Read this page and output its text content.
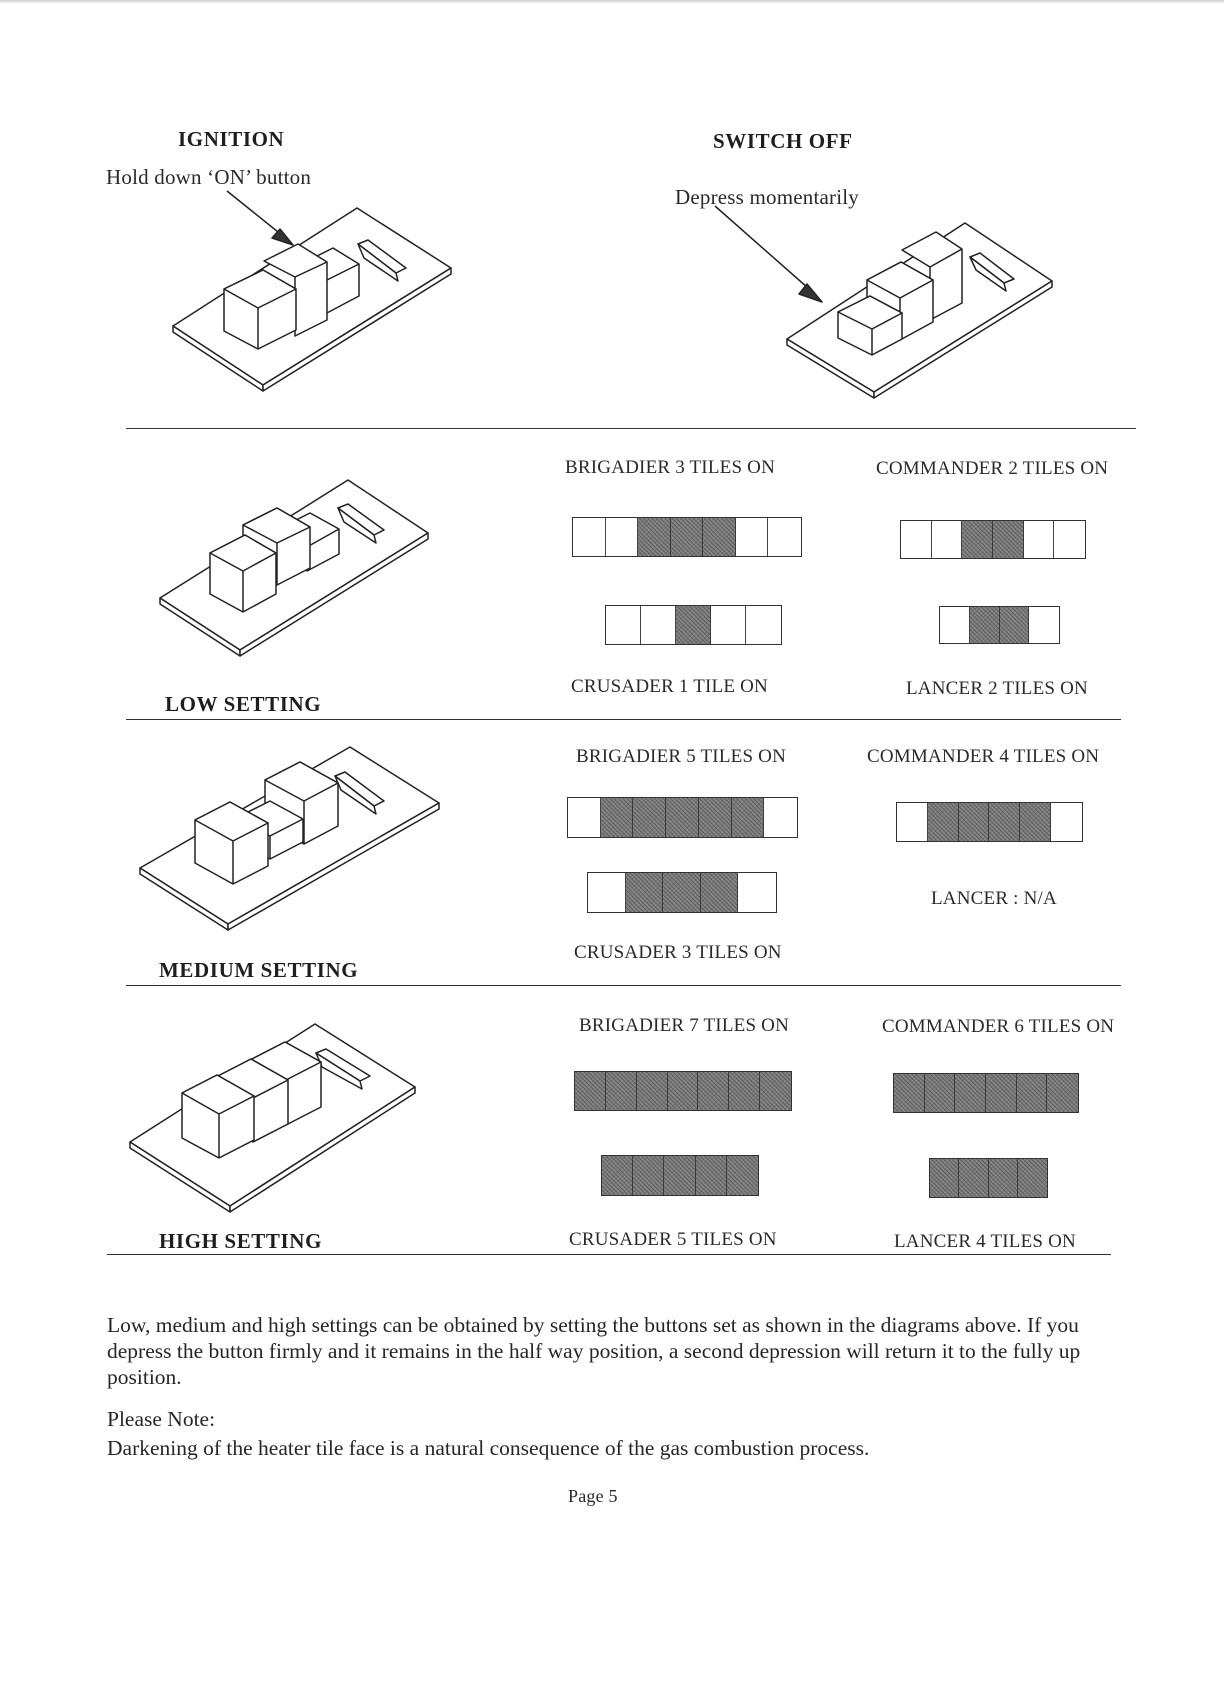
IGNITION
Hold down ‘ON’ button
SWITCH OFF
Depress momentarily
BRIGADIER 3 TILES ON	COMMANDER 2 TILES ON
CRUSADER 1 TILE ON	LANCER 2 TILES ON
LOW SETTING
BRIGADIER 5 TILES ON	COMMANDER 4 TILES ON
LANCER : N/A
CRUSADER 3 TILES ON
MEDIUM SETTING
BRIGADIER 7 TILES ON	COMMANDER 6 TILES ON
HIGH SETTING	CRUSADER 5 TILES ON	LANCER 4 TILES ON
Low, medium and high settings can be obtained by setting the buttons set as shown in the diagrams above. If you depress the button firmly and it remains in the half way position, a second depression will return it to the fully up position.
Please Note:
Darkening of the heater tile face is a natural consequence of the gas combustion process.
Page 5
